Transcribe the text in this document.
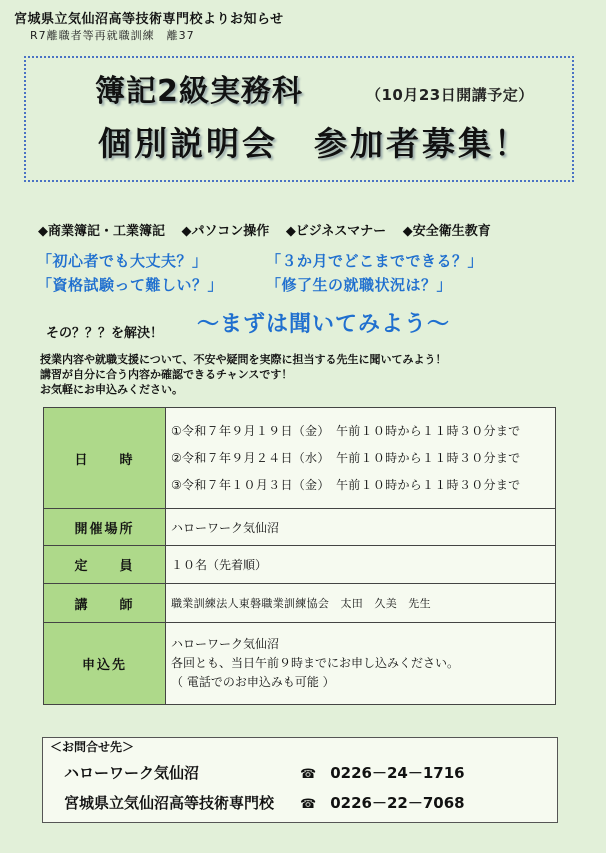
宮城県立気仙沼高等技術専門校よりお知らせ
R7離職者等再就職訓練　離37
簿記2級実務科	（10月23日開講予定）
個別説明会　参加者募集！
◆商業簿記・工業簿記 ◆パソコン操作 ◆ビジネスマナー ◆安全衛生教育
「初心者でも大丈夫？」	「３か月でどこまでできる？」
「資格試験って難しい？」	「修了生の就職状況は？」
その？？？を解決！ ～まずは聞いてみよう～
授業内容や就職支援について、不安や疑問を実際に担当する先生に聞いてみよう！
講習が自分に合う内容か確認できるチャンスです！
お気軽にお申込みください。
日　　時	①令和７年９月１９日（金）　午前１０時から１１時３０分まで
②令和７年９月２４日（水）　午前１０時から１１時３０分まで
③令和７年１０月３日（金）　午前１０時から１１時３０分まで

開催場所	ハローワーク気仙沼
定　　員	１０名（先着順）
講　　師	職業訓練法人東磐職業訓練協会　太田　久美　先生
申込先	ハローワーク気仙沼
各回とも、当日午前９時までにお申し込みください。
（ 電話でのお申込みも可能 ）
＜お問合せ先＞
ハローワーク気仙沼	☎ 0226－24－1716
宮城県立気仙沼高等技術専門校 ☎ 0226－22－7068
